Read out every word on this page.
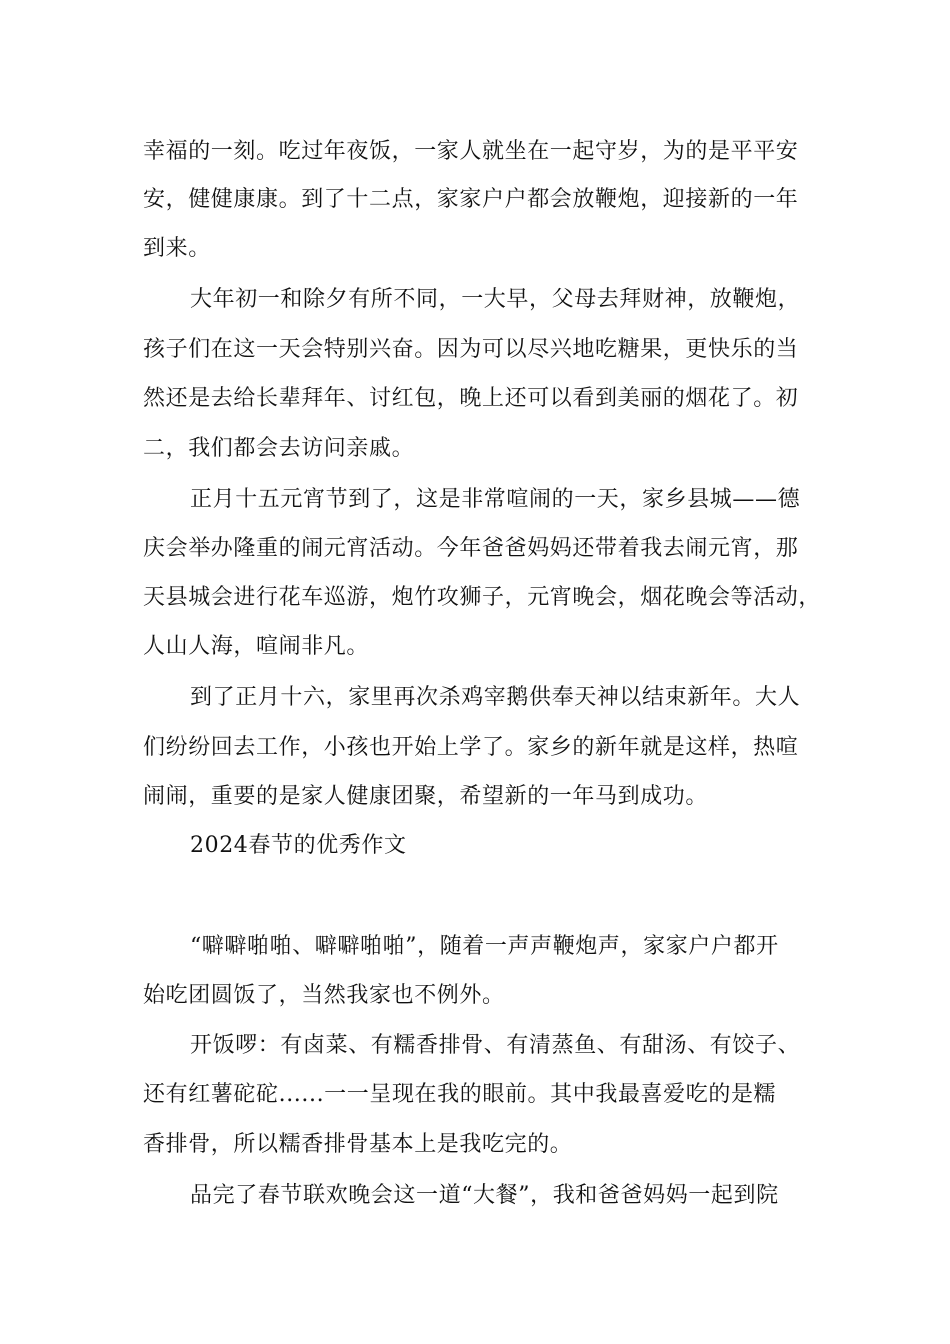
幸福的一刻。吃过年夜饭，一家人就坐在一起守岁，为的是平平安
安，健健康康。到了十二点，家家户户都会放鞭炮，迎接新的一年
到来。
大年初一和除夕有所不同，一大早，父母去拜财神，放鞭炮，
孩子们在这一天会特别兴奋。因为可以尽兴地吃糖果，更快乐的当
然还是去给长辈拜年、讨红包，晚上还可以看到美丽的烟花了。初
二，我们都会去访问亲戚。
正月十五元宵节到了，这是非常喧闹的一天，家乡县城——德
庆会举办隆重的闹元宵活动。今年爸爸妈妈还带着我去闹元宵，那
天县城会进行花车巡游，炮竹攻狮子，元宵晚会，烟花晚会等活动，
人山人海，喧闹非凡。
到了正月十六，家里再次杀鸡宰鹅供奉天神以结束新年。大人
们纷纷回去工作，小孩也开始上学了。家乡的新年就是这样，热喧
闹闹，重要的是家人健康团聚，希望新的一年马到成功。
2024春节的优秀作文
“噼噼啪啪、噼噼啪啪”，随着一声声鞭炮声，家家户户都开
始吃团圆饭了，当然我家也不例外。
开饭啰：有卤菜、有糯香排骨、有清蒸鱼、有甜汤、有饺子、
还有红薯砣砣......一一呈现在我的眼前。其中我最喜爱吃的是糯
香排骨，所以糯香排骨基本上是我吃完的。
品完了春节联欢晚会这一道“大餐”，我和爸爸妈妈一起到院
